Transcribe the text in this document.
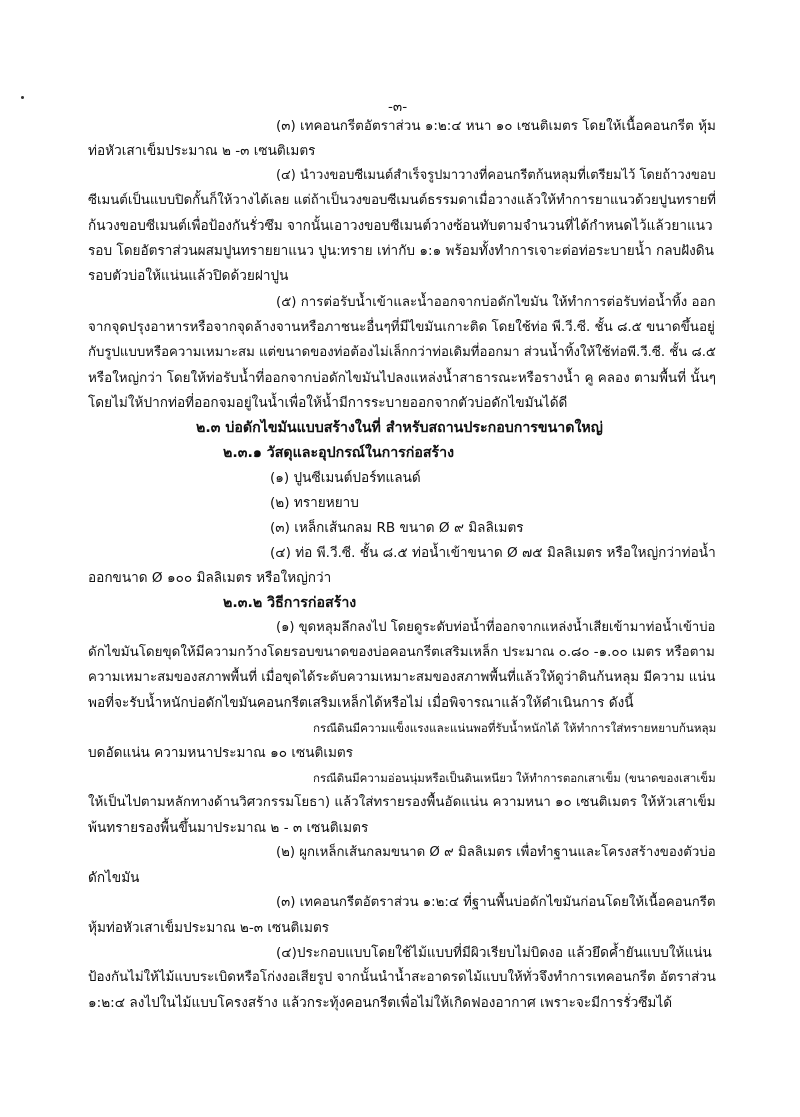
-๓-
(๓) เทคอนกรีตอัตราส่วน ๑:๒:๔ หนา ๑๐ เซนติเมตร โดยให้เนื้อคอนกรีต หุ้ม
ท่อหัวเสาเข็มประมาณ ๒ -๓ เซนติเมตร
(๔) นำวงขอบซีเมนต์สำเร็จรูปมาวางที่คอนกรีตก้นหลุมที่เตรียมไว้ โดยถ้าวงขอบ
ซีเมนต์เป็นแบบปิดกั้นก็ให้วางได้เลย แต่ถ้าเป็นวงขอบซีเมนต์ธรรมดาเมื่อวางแล้วให้ทำการยาแนวด้วยปูนทรายที่
ก้นวงขอบซีเมนต์เพื่อป้องกันรั่วซึม จากนั้นเอาวงขอบซีเมนต์วางซ้อนทับตามจำนวนที่ได้กำหนดไว้แล้วยาแนว
รอบ โดยอัตราส่วนผสมปูนทรายยาแนว ปูน:ทราย เท่ากับ ๑:๑ พร้อมทั้งทำการเจาะต่อท่อระบายน้ำ กลบฝังดิน
รอบตัวบ่อให้แน่นแล้วปิดด้วยฝาปูน
(๕) การต่อรับน้ำเข้าและน้ำออกจากบ่อดักไขมัน ให้ทำการต่อรับท่อน้ำทิ้ง ออก
จากจุดปรุงอาหารหรือจากจุดล้างจานหรือภาชนะอื่นๆที่มีไขมันเกาะติด โดยใช้ท่อ พี.วี.ซี. ชั้น ๘.๕ ขนาดขึ้นอยู่
กับรูปแบบหรือความเหมาะสม แต่ขนาดของท่อต้องไม่เล็กกว่าท่อเดิมที่ออกมา ส่วนน้ำทิ้งให้ใช้ท่อพี.วี.ซี. ชั้น ๘.๕
หรือใหญ่กว่า โดยให้ท่อรับน้ำที่ออกจากบ่อดักไขมันไปลงแหล่งน้ำสาธารณะหรือรางน้ำ คู คลอง ตามพื้นที่ นั้นๆ
โดยไม่ให้ปากท่อที่ออกจมอยู่ในน้ำเพื่อให้น้ำมีการระบายออกจากตัวบ่อดักไขมันได้ดี
๒.๓ บ่อดักไขมันแบบสร้างในที่ สำหรับสถานประกอบการขนาดใหญ่
๒.๓.๑ วัสดุและอุปกรณ์ในการก่อสร้าง
(๑) ปูนซีเมนต์ปอร์ทแลนด์
(๒) ทรายหยาบ
(๓) เหล็กเส้นกลม RB ขนาด Ø ๙ มิลลิเมตร
(๔) ท่อ พี.วี.ซี. ชั้น ๘.๕ ท่อน้ำเข้าขนาด Ø ๗๕ มิลลิเมตร หรือใหญ่กว่าท่อน้ำ
ออกขนาด Ø ๑๐๐ มิลลิเมตร หรือใหญ่กว่า
๒.๓.๒ วิธีการก่อสร้าง
(๑) ขุดหลุมลึกลงไป โดยดูระดับท่อน้ำที่ออกจากแหล่งน้ำเสียเข้ามาท่อน้ำเข้าบ่อ
ดักไขมันโดยขุดให้มีความกว้างโดยรอบขนาดของบ่อคอนกรีตเสริมเหล็ก ประมาณ ๐.๘๐ -๑.๐๐ เมตร หรือตาม
ความเหมาะสมของสภาพพื้นที่ เมื่อขุดได้ระดับความเหมาะสมของสภาพพื้นที่แล้วให้ดูว่าดินก้นหลุม มีความ แน่น
พอที่จะรับน้ำหนักบ่อดักไขมันคอนกรีตเสริมเหล็กได้หรือไม่ เมื่อพิจารณาแล้วให้ดำเนินการ ดังนี้
กรณีดินมีความแข็งแรงและแน่นพอที่รับน้ำหนักได้ ให้ทำการใส่ทรายหยาบก้นหลุม
บดอัดแน่น ความหนาประมาณ ๑๐ เซนติเมตร
กรณีดินมีความอ่อนนุ่มหรือเป็นดินเหนียว ให้ทำการตอกเสาเข็ม (ขนาดของเสาเข็ม
ให้เป็นไปตามหลักทางด้านวิศวกรรมโยธา) แล้วใส่ทรายรองพื้นอัดแน่น ความหนา ๑๐ เซนติเมตร ให้หัวเสาเข็ม
พ้นทรายรองพื้นขึ้นมาประมาณ ๒ - ๓ เซนติเมตร
(๒) ผูกเหล็กเส้นกลมขนาด Ø ๙ มิลลิเมตร เพื่อทำฐานและโครงสร้างของตัวบ่อ
ดักไขมัน
(๓) เทคอนกรีตอัตราส่วน ๑:๒:๔ ที่ฐานพื้นบ่อดักไขมันก่อนโดยให้เนื้อคอนกรีต
หุ้มท่อหัวเสาเข็มประมาณ ๒-๓ เซนติเมตร
(๔)ประกอบแบบโดยใช้ไม้แบบที่มีผิวเรียบไม่บิดงอ แล้วยึดค้ำยันแบบให้แน่น
ป้องกันไม่ให้ไม้แบบระเบิดหรือโก่งงอเสียรูป จากนั้นนำน้ำสะอาดรดไม้แบบให้ทั่วจึงทำการเทคอนกรีต อัตราส่วน
๑:๒:๔ ลงไปในไม้แบบโครงสร้าง แล้วกระทุ้งคอนกรีตเพื่อไม่ให้เกิดฟองอากาศ เพราะจะมีการรั่วซึมได้
